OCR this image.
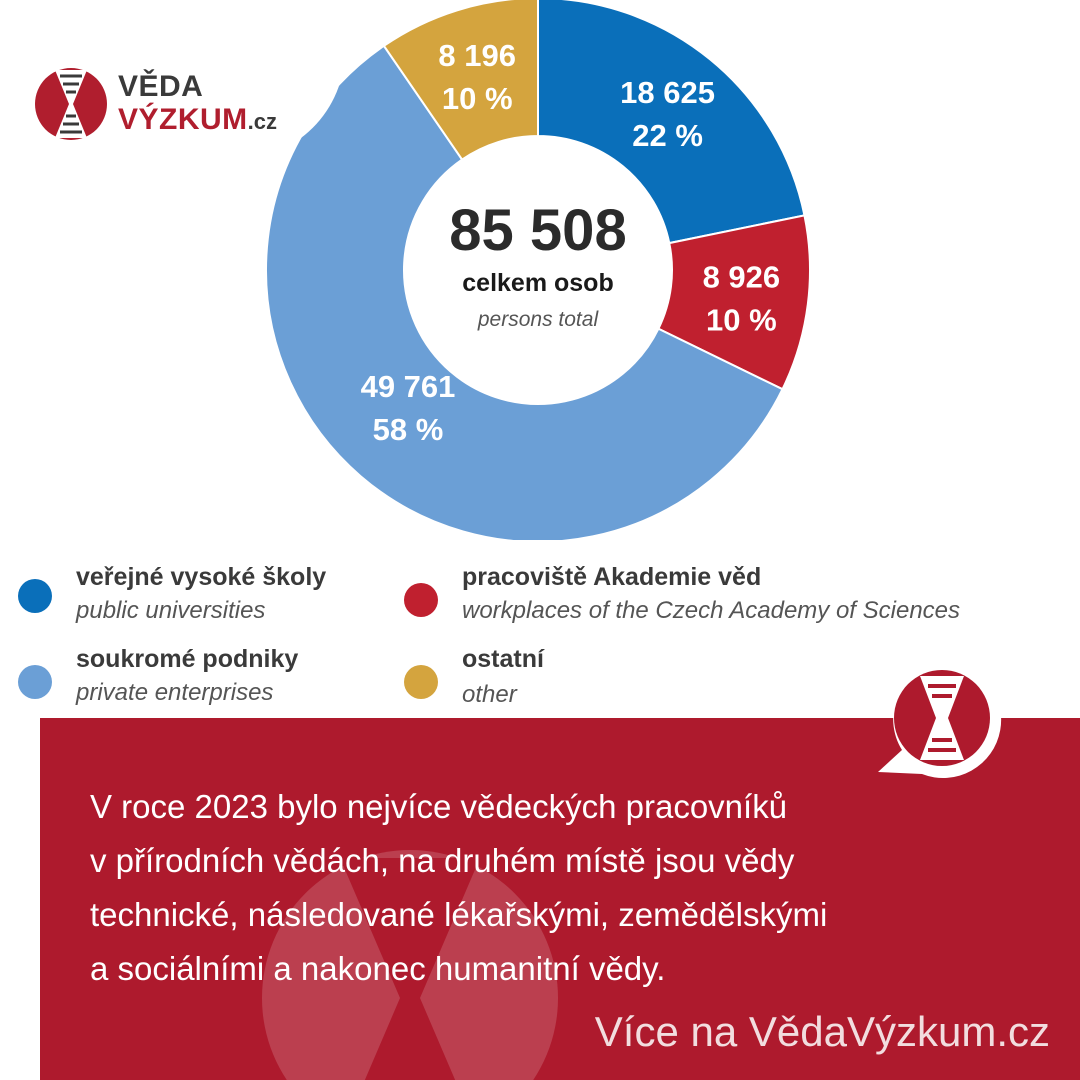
18 625
22 %
8 926
10 %
49 761
58 %
8 196
10 %
85 508
celkem osob
persons total
VĚDA
VÝZKUM.cz
veřejné vysoké školy
public universities
pracoviště Akademie věd
workplaces of the Czech Academy of Sciences
soukromé podniky
private enterprises
ostatní
other
V roce 2023 bylo nejvíce vědeckých pracovníků
v přírodních vědách, na druhém místě jsou vědy
technické, následované lékařskými, zemědělskými
a sociálními a nakonec humanitní vědy.
Více na VědaVýzkum.cz
